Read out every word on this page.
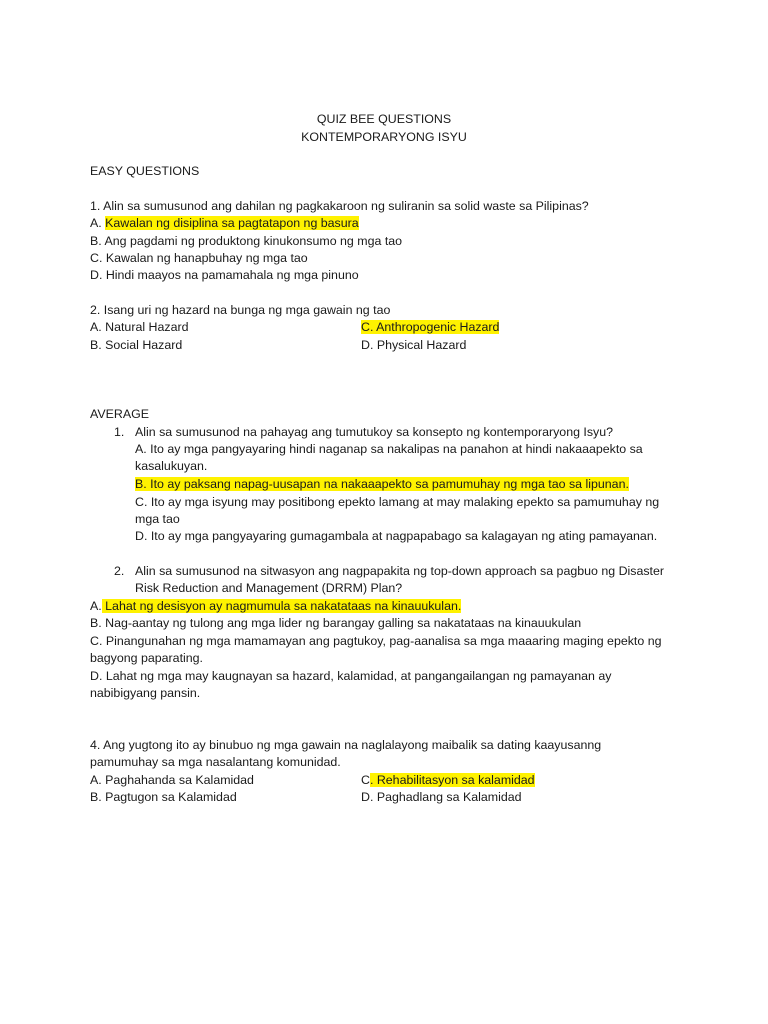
QUIZ BEE QUESTIONS
KONTEMPORARYONG ISYU
EASY QUESTIONS
1. Alin sa sumusunod ang dahilan ng pagkakaroon ng suliranin sa solid waste sa Pilipinas?
A. Kawalan ng disiplina sa pagtatapon ng basura
B. Ang pagdami ng produktong kinukonsumo ng mga tao
C. Kawalan ng hanapbuhay ng mga tao
D. Hindi maayos na pamamahala ng mga pinuno
2. Isang uri ng hazard na bunga ng mga gawain ng tao
A. Natural Hazard	C. Anthropogenic Hazard
B. Social Hazard	D. Physical Hazard
AVERAGE
1. Alin sa sumusunod na pahayag ang tumutukoy sa konsepto ng kontemporaryong Isyu?
A. Ito ay mga pangyayaring hindi naganap sa nakalipas na panahon at hindi nakaaapekto sa
kasalukuyan.
B. Ito ay paksang napag-uusapan na nakaaapekto sa pamumuhay ng mga tao sa lipunan.
C. Ito ay mga isyung may positibong epekto lamang at may malaking epekto sa pamumuhay ng
mga tao
D. Ito ay mga pangyayaring gumagambala at nagpapabago sa kalagayan ng ating pamayanan.
2. Alin sa sumusunod na sitwasyon ang nagpapakita ng top-down approach sa pagbuo ng Disaster
Risk Reduction and Management (DRRM) Plan?
A. Lahat ng desisyon ay nagmumula sa nakatataas na kinauukulan.
B. Nag-aantay ng tulong ang mga lider ng barangay galling sa nakatataas na kinauukulan
C. Pinangunahan ng mga mamamayan ang pagtukoy, pag-aanalisa sa mga maaaring maging epekto ng
bagyong paparating.
D. Lahat ng mga may kaugnayan sa hazard, kalamidad, at pangangailangan ng pamayanan ay
nabibigyang pansin.
4. Ang yugtong ito ay binubuo ng mga gawain na naglalayong maibalik sa dating kaayusanng
pamumuhay sa mga nasalantang komunidad.
A. Paghahanda sa Kalamidad	C. Rehabilitasyon sa kalamidad
B. Pagtugon sa Kalamidad	D. Paghadlang sa Kalamidad
